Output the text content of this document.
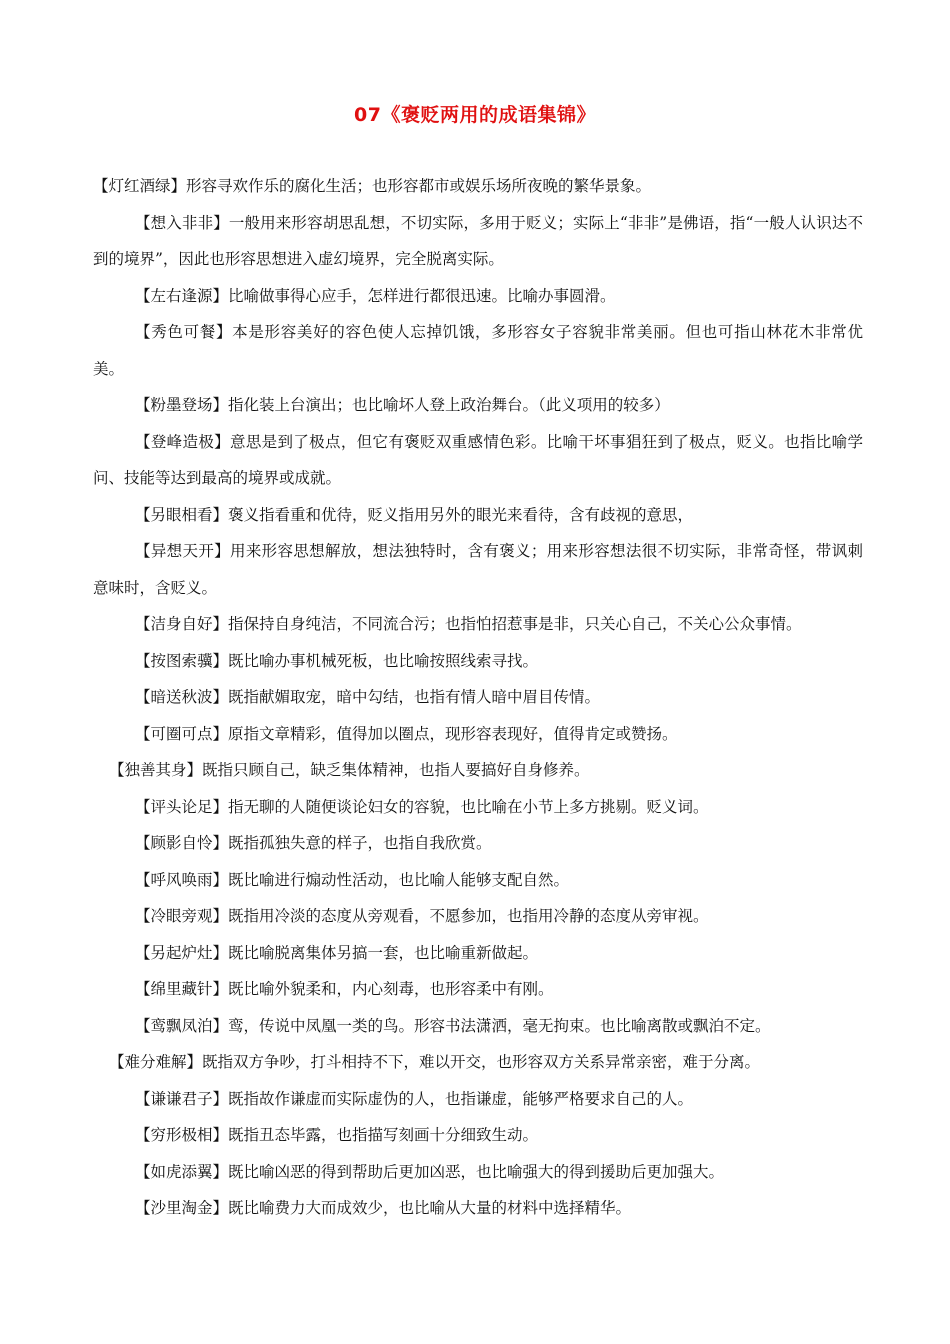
07《褒贬两用的成语集锦》
【灯红酒绿】形容寻欢作乐的腐化生活；也形容都市或娱乐场所夜晚的繁华景象。
【想入非非】一般用来形容胡思乱想，不切实际，多用于贬义；实际上“非非”是佛语，指“一般人认识达不到的境界”，因此也形容思想进入虚幻境界，完全脱离实际。
【左右逢源】比喻做事得心应手，怎样进行都很迅速。比喻办事圆滑。
【秀色可餐】本是形容美好的容色使人忘掉饥饿，多形容女子容貌非常美丽。但也可指山林花木非常优美。
【粉墨登场】指化装上台演出；也比喻坏人登上政治舞台。（此义项用的较多）
【登峰造极】意思是到了极点，但它有褒贬双重感情色彩。比喻干坏事猖狂到了极点，贬义。也指比喻学问、技能等达到最高的境界或成就。
【另眼相看】褒义指看重和优待，贬义指用另外的眼光来看待，含有歧视的意思，
【异想天开】用来形容思想解放，想法独特时，含有褒义；用来形容想法很不切实际，非常奇怪，带讽刺意味时，含贬义。
【洁身自好】指保持自身纯洁，不同流合污；也指怕招惹事是非，只关心自己，不关心公众事情。
【按图索骥】既比喻办事机械死板，也比喻按照线索寻找。
【暗送秋波】既指献媚取宠，暗中勾结，也指有情人暗中眉目传情。
【可圈可点】原指文章精彩，值得加以圈点，现形容表现好，值得肯定或赞扬。
【独善其身】既指只顾自己，缺乏集体精神，也指人要搞好自身修养。
【评头论足】指无聊的人随便谈论妇女的容貌，也比喻在小节上多方挑剔。贬义词。
【顾影自怜】既指孤独失意的样子，也指自我欣赏。
【呼风唤雨】既比喻进行煽动性活动，也比喻人能够支配自然。
【冷眼旁观】既指用冷淡的态度从旁观看，不愿参加，也指用冷静的态度从旁审视。
【另起炉灶】既比喻脱离集体另搞一套，也比喻重新做起。
【绵里藏针】既比喻外貌柔和，内心刻毒，也形容柔中有刚。
【鸾飘凤泊】鸾，传说中凤凰一类的鸟。形容书法潇洒，毫无拘束。也比喻离散或飘泊不定。
【难分难解】既指双方争吵，打斗相持不下，难以开交，也形容双方关系异常亲密，难于分离。
【谦谦君子】既指故作谦虚而实际虚伪的人，也指谦虚，能够严格要求自己的人。
【穷形极相】既指丑态毕露，也指描写刻画十分细致生动。
【如虎添翼】既比喻凶恶的得到帮助后更加凶恶，也比喻强大的得到援助后更加强大。
【沙里淘金】既比喻费力大而成效少，也比喻从大量的材料中选择精华。
